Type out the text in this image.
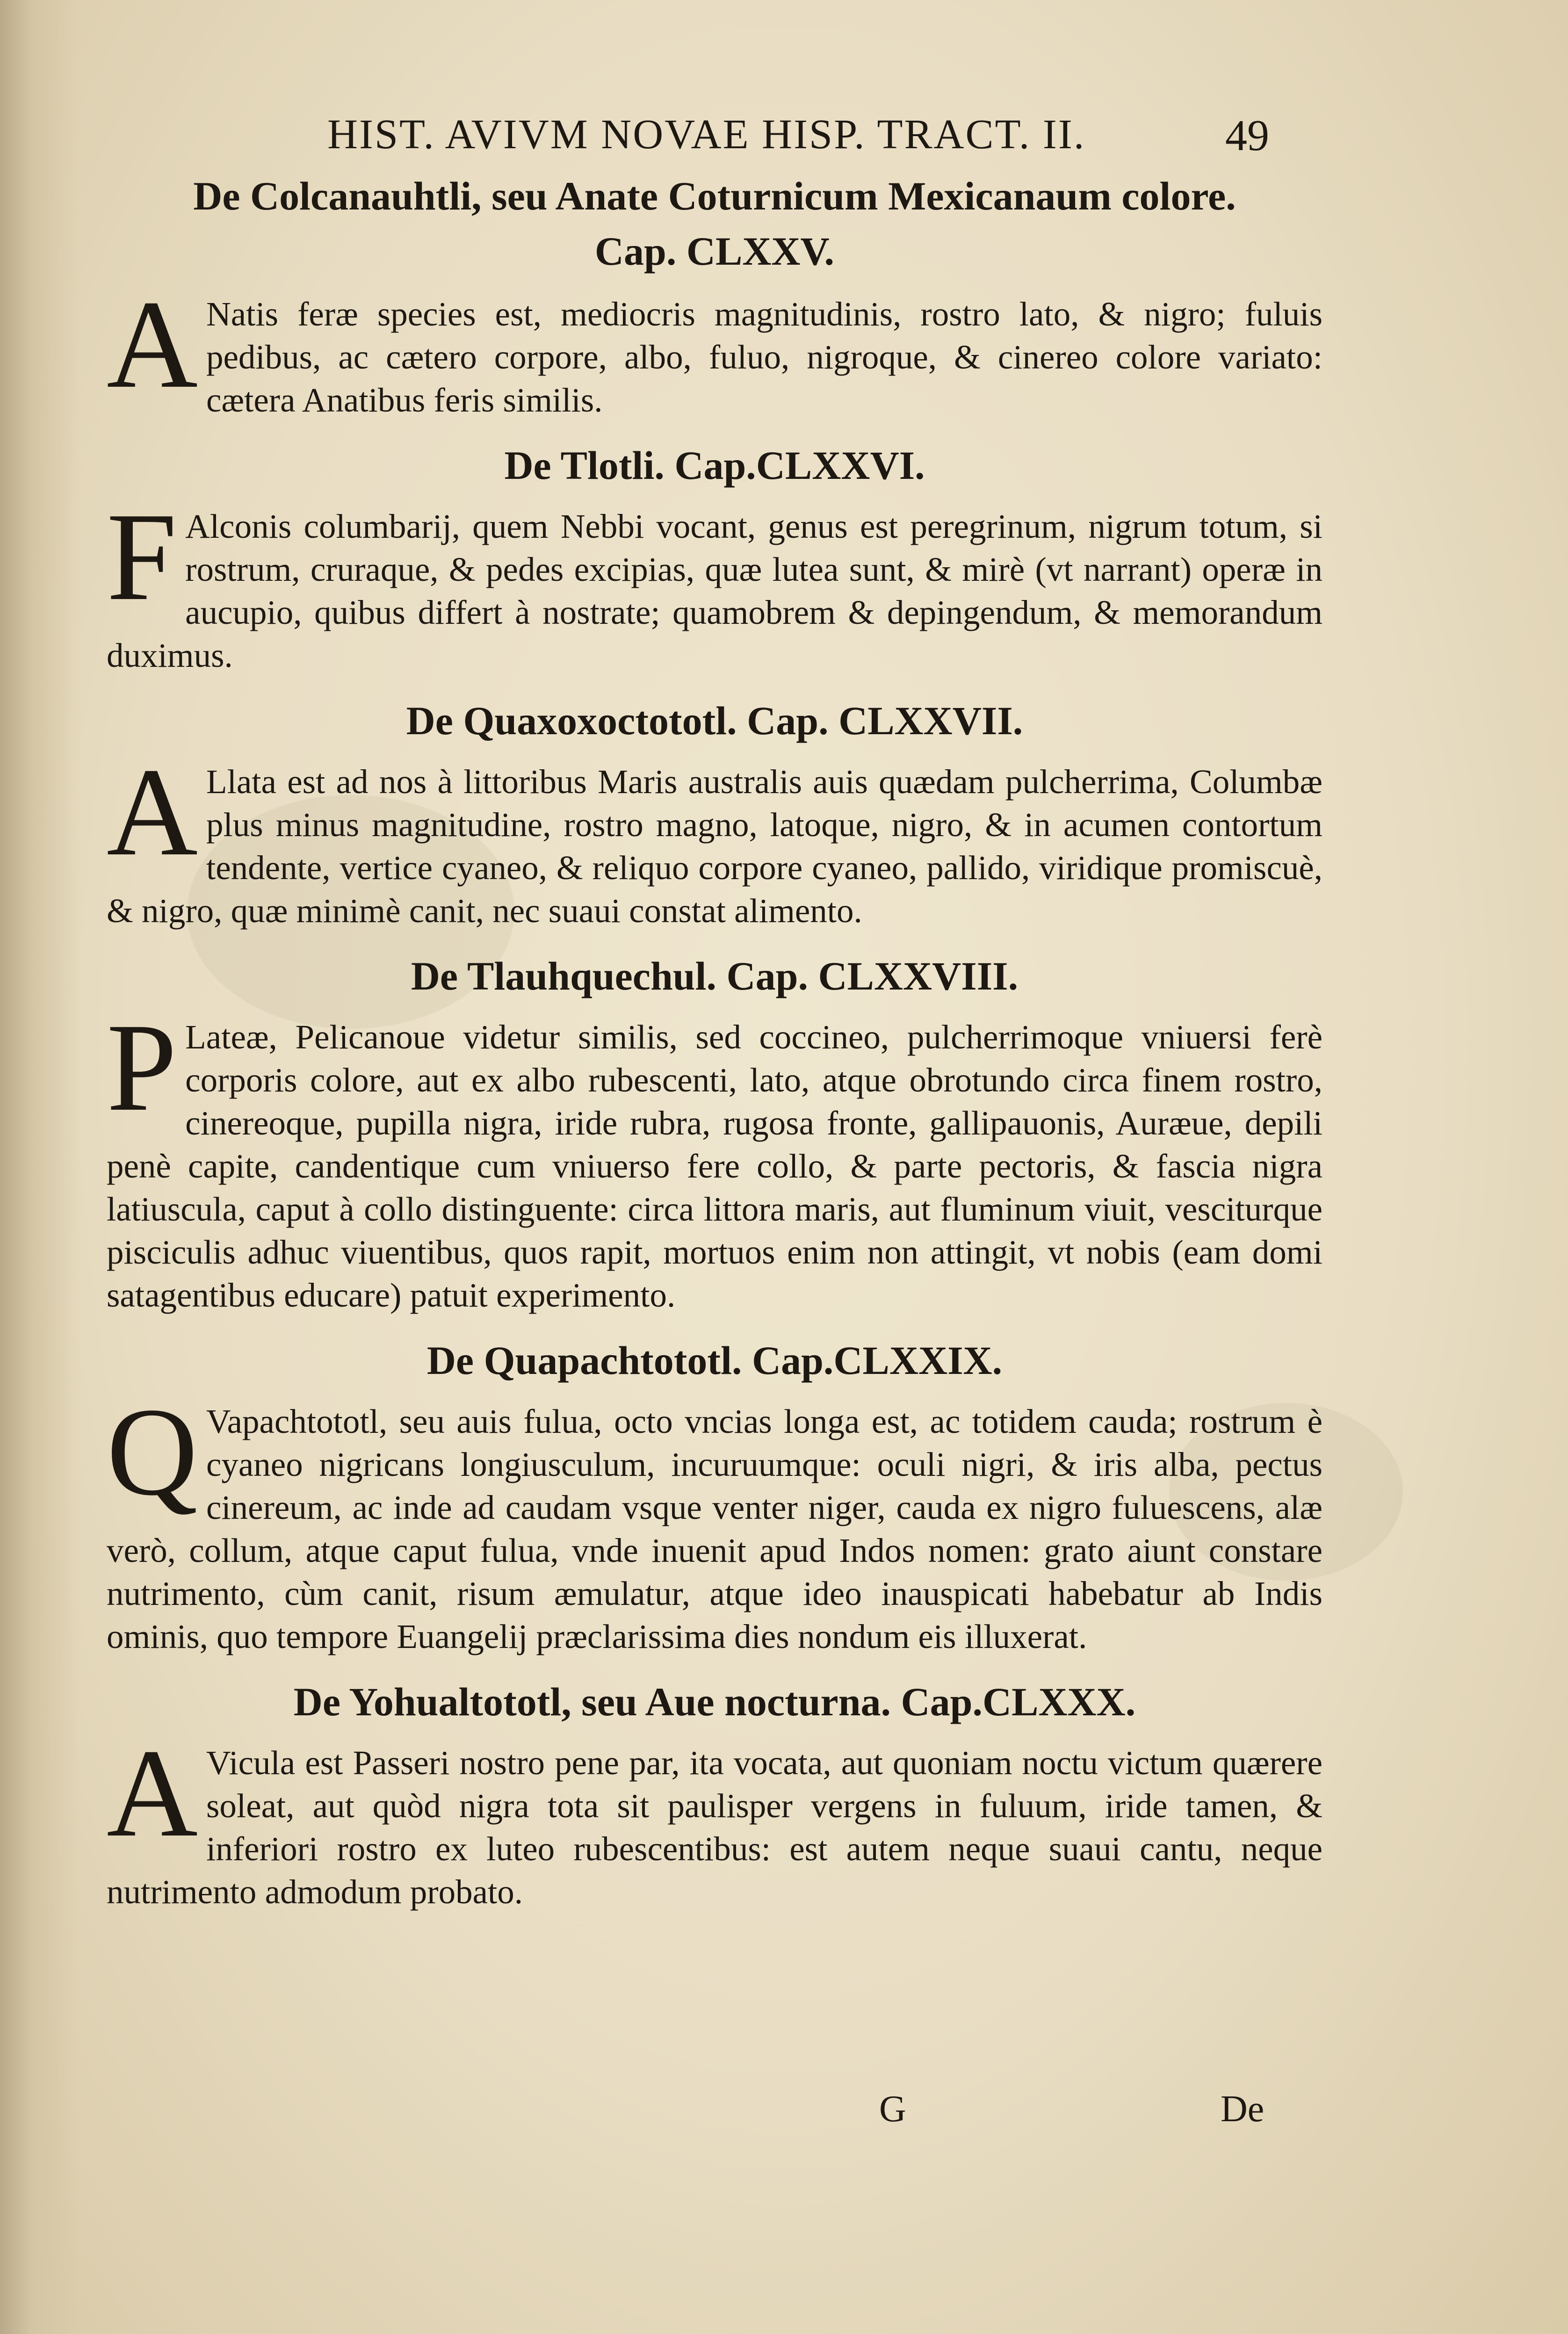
HIST. AVIVM NOVAE HISP. TRACT. II.	49
De Colcanauhtli, seu Anate Coturnicum Mexicanaum colore.
Cap. CLXXV.
A Natis feræ species est, mediocris magnitudinis, rostro lato, & nigro; fuluis pedibus, ac cætero corpore, albo, fuluo, nigroque, & cinereo colore variato: cætera Anatibus feris similis.
De Tlotli. Cap.CLXXVI.
F Alconis columbarij, quem Nebbi vocant, genus est peregrinum, nigrum totum, si rostrum, cruraque, & pedes excipias, quæ lutea sunt, & mirè (vt narrant) operæ in aucupio, quibus differt à nostrate; quamobrem & depingendum, & memorandum duximus.
De Quaxoxoctototl. Cap. CLXXVII.
A Llata est ad nos à littoribus Maris australis auis quædam pulcherrima, Columbæ plus minus magnitudine, rostro magno, latoque, nigro, & in acumen contortum tendente, vertice cyaneo, & reliquo corpore cyaneo, pallido, viridique promiscuè, & nigro, quæ minimè canit, nec suaui constat alimento.
De Tlauhquechul. Cap. CLXXVIII.
P Lateæ, Pelicanoue videtur similis, sed coccineo, pulcherrimoque vniuersi ferè corporis colore, aut ex albo rubescenti, lato, atque obrotundo circa finem rostro, cinereoque, pupilla nigra, iride rubra, rugosa fronte, gallipauonis, Auræue, depili penè capite, candentique cum vniuerso fere collo, & parte pectoris, & fascia nigra latiuscula, caput à collo distinguente: circa littora maris, aut fluminum viuit, vesciturque pisciculis adhuc viuentibus, quos rapit, mortuos enim non attingit, vt nobis (eam domi satagentibus educare) patuit experimento.
De Quapachtototl. Cap.CLXXIX.
Q Vapachtototl, seu auis fulua, octo vncias longa est, ac totidem cauda; rostrum è cyaneo nigricans longiusculum, incuruumque: oculi nigri, & iris alba, pectus cinereum, ac inde ad caudam vsque venter niger, cauda ex nigro fuluescens, alæ verò, collum, atque caput fulua, vnde inuenit apud Indos nomen: grato aiunt constare nutrimento, cùm canit, risum æmulatur, atque ideo inauspicati habebatur ab Indis ominis, quo tempore Euangelij præclarissima dies nondum eis illuxerat.
De Yohualtototl, seu Aue nocturna. Cap.CLXXX.
A Vicula est Passeri nostro pene par, ita vocata, aut quoniam noctu victum quærere soleat, aut quòd nigra tota sit paulisper vergens in fuluum, iride tamen, & inferiori rostro ex luteo rubescentibus: est autem neque suaui cantu, neque nutrimento admodum probato.
G	De
